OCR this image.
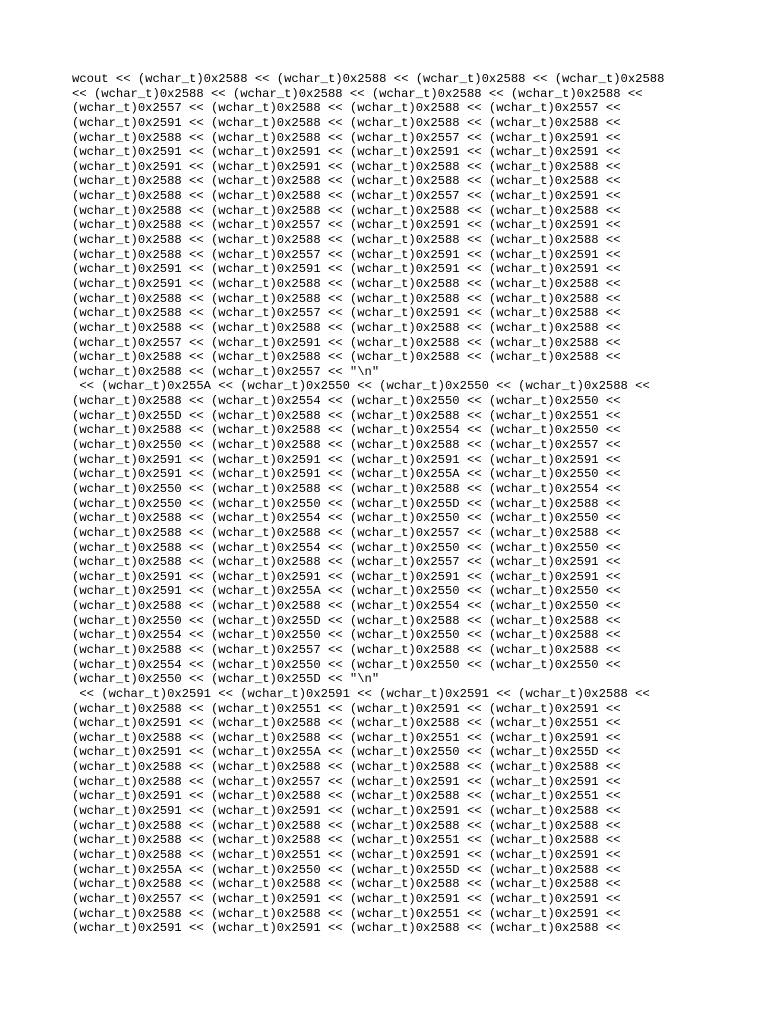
wcout << (wchar_t)0x2588 << (wchar_t)0x2588 << (wchar_t)0x2588 << (wchar_t)0x2588
<< (wchar_t)0x2588 << (wchar_t)0x2588 << (wchar_t)0x2588 << (wchar_t)0x2588 <<
(wchar_t)0x2557 << (wchar_t)0x2588 << (wchar_t)0x2588 << (wchar_t)0x2557 <<
(wchar_t)0x2591 << (wchar_t)0x2588 << (wchar_t)0x2588 << (wchar_t)0x2588 <<
(wchar_t)0x2588 << (wchar_t)0x2588 << (wchar_t)0x2557 << (wchar_t)0x2591 <<
(wchar_t)0x2591 << (wchar_t)0x2591 << (wchar_t)0x2591 << (wchar_t)0x2591 <<
(wchar_t)0x2591 << (wchar_t)0x2591 << (wchar_t)0x2588 << (wchar_t)0x2588 <<
(wchar_t)0x2588 << (wchar_t)0x2588 << (wchar_t)0x2588 << (wchar_t)0x2588 <<
(wchar_t)0x2588 << (wchar_t)0x2588 << (wchar_t)0x2557 << (wchar_t)0x2591 <<
(wchar_t)0x2588 << (wchar_t)0x2588 << (wchar_t)0x2588 << (wchar_t)0x2588 <<
(wchar_t)0x2588 << (wchar_t)0x2557 << (wchar_t)0x2591 << (wchar_t)0x2591 <<
(wchar_t)0x2588 << (wchar_t)0x2588 << (wchar_t)0x2588 << (wchar_t)0x2588 <<
(wchar_t)0x2588 << (wchar_t)0x2557 << (wchar_t)0x2591 << (wchar_t)0x2591 <<
(wchar_t)0x2591 << (wchar_t)0x2591 << (wchar_t)0x2591 << (wchar_t)0x2591 <<
(wchar_t)0x2591 << (wchar_t)0x2588 << (wchar_t)0x2588 << (wchar_t)0x2588 <<
(wchar_t)0x2588 << (wchar_t)0x2588 << (wchar_t)0x2588 << (wchar_t)0x2588 <<
(wchar_t)0x2588 << (wchar_t)0x2557 << (wchar_t)0x2591 << (wchar_t)0x2588 <<
(wchar_t)0x2588 << (wchar_t)0x2588 << (wchar_t)0x2588 << (wchar_t)0x2588 <<
(wchar_t)0x2557 << (wchar_t)0x2591 << (wchar_t)0x2588 << (wchar_t)0x2588 <<
(wchar_t)0x2588 << (wchar_t)0x2588 << (wchar_t)0x2588 << (wchar_t)0x2588 <<
(wchar_t)0x2588 << (wchar_t)0x2557 << "\n"
<< (wchar_t)0x255A << (wchar_t)0x2550 << (wchar_t)0x2550 << (wchar_t)0x2588 <<
(wchar_t)0x2588 << (wchar_t)0x2554 << (wchar_t)0x2550 << (wchar_t)0x2550 <<
(wchar_t)0x255D << (wchar_t)0x2588 << (wchar_t)0x2588 << (wchar_t)0x2551 <<
(wchar_t)0x2588 << (wchar_t)0x2588 << (wchar_t)0x2554 << (wchar_t)0x2550 <<
(wchar_t)0x2550 << (wchar_t)0x2588 << (wchar_t)0x2588 << (wchar_t)0x2557 <<
(wchar_t)0x2591 << (wchar_t)0x2591 << (wchar_t)0x2591 << (wchar_t)0x2591 <<
(wchar_t)0x2591 << (wchar_t)0x2591 << (wchar_t)0x255A << (wchar_t)0x2550 <<
(wchar_t)0x2550 << (wchar_t)0x2588 << (wchar_t)0x2588 << (wchar_t)0x2554 <<
(wchar_t)0x2550 << (wchar_t)0x2550 << (wchar_t)0x255D << (wchar_t)0x2588 <<
(wchar_t)0x2588 << (wchar_t)0x2554 << (wchar_t)0x2550 << (wchar_t)0x2550 <<
(wchar_t)0x2588 << (wchar_t)0x2588 << (wchar_t)0x2557 << (wchar_t)0x2588 <<
(wchar_t)0x2588 << (wchar_t)0x2554 << (wchar_t)0x2550 << (wchar_t)0x2550 <<
(wchar_t)0x2588 << (wchar_t)0x2588 << (wchar_t)0x2557 << (wchar_t)0x2591 <<
(wchar_t)0x2591 << (wchar_t)0x2591 << (wchar_t)0x2591 << (wchar_t)0x2591 <<
(wchar_t)0x2591 << (wchar_t)0x255A << (wchar_t)0x2550 << (wchar_t)0x2550 <<
(wchar_t)0x2588 << (wchar_t)0x2588 << (wchar_t)0x2554 << (wchar_t)0x2550 <<
(wchar_t)0x2550 << (wchar_t)0x255D << (wchar_t)0x2588 << (wchar_t)0x2588 <<
(wchar_t)0x2554 << (wchar_t)0x2550 << (wchar_t)0x2550 << (wchar_t)0x2588 <<
(wchar_t)0x2588 << (wchar_t)0x2557 << (wchar_t)0x2588 << (wchar_t)0x2588 <<
(wchar_t)0x2554 << (wchar_t)0x2550 << (wchar_t)0x2550 << (wchar_t)0x2550 <<
(wchar_t)0x2550 << (wchar_t)0x255D << "\n"
<< (wchar_t)0x2591 << (wchar_t)0x2591 << (wchar_t)0x2591 << (wchar_t)0x2588 <<
(wchar_t)0x2588 << (wchar_t)0x2551 << (wchar_t)0x2591 << (wchar_t)0x2591 <<
(wchar_t)0x2591 << (wchar_t)0x2588 << (wchar_t)0x2588 << (wchar_t)0x2551 <<
(wchar_t)0x2588 << (wchar_t)0x2588 << (wchar_t)0x2551 << (wchar_t)0x2591 <<
(wchar_t)0x2591 << (wchar_t)0x255A << (wchar_t)0x2550 << (wchar_t)0x255D <<
(wchar_t)0x2588 << (wchar_t)0x2588 << (wchar_t)0x2588 << (wchar_t)0x2588 <<
(wchar_t)0x2588 << (wchar_t)0x2557 << (wchar_t)0x2591 << (wchar_t)0x2591 <<
(wchar_t)0x2591 << (wchar_t)0x2588 << (wchar_t)0x2588 << (wchar_t)0x2551 <<
(wchar_t)0x2591 << (wchar_t)0x2591 << (wchar_t)0x2591 << (wchar_t)0x2588 <<
(wchar_t)0x2588 << (wchar_t)0x2588 << (wchar_t)0x2588 << (wchar_t)0x2588 <<
(wchar_t)0x2588 << (wchar_t)0x2588 << (wchar_t)0x2551 << (wchar_t)0x2588 <<
(wchar_t)0x2588 << (wchar_t)0x2551 << (wchar_t)0x2591 << (wchar_t)0x2591 <<
(wchar_t)0x255A << (wchar_t)0x2550 << (wchar_t)0x255D << (wchar_t)0x2588 <<
(wchar_t)0x2588 << (wchar_t)0x2588 << (wchar_t)0x2588 << (wchar_t)0x2588 <<
(wchar_t)0x2557 << (wchar_t)0x2591 << (wchar_t)0x2591 << (wchar_t)0x2591 <<
(wchar_t)0x2588 << (wchar_t)0x2588 << (wchar_t)0x2551 << (wchar_t)0x2591 <<
(wchar_t)0x2591 << (wchar_t)0x2591 << (wchar_t)0x2588 << (wchar_t)0x2588 <<
